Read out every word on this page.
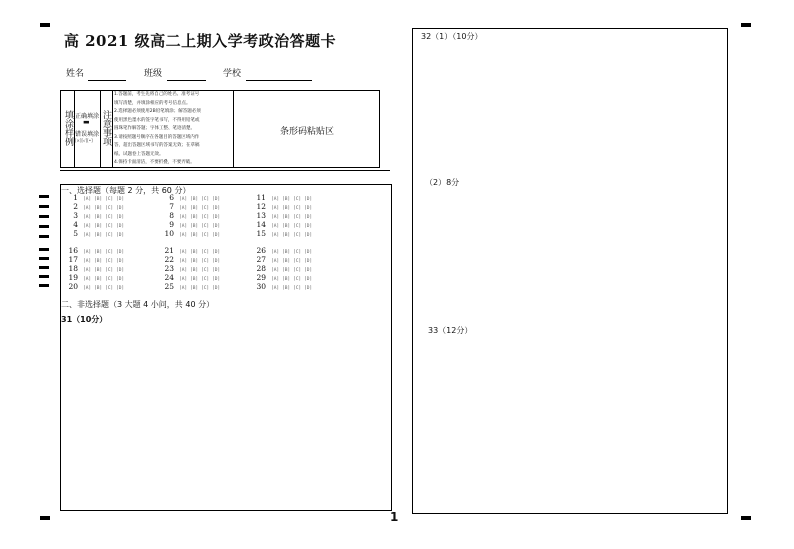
高 2021 级高二上期入学考政治答题卡
姓名	班级	学校
填涂样例 正确填涂
▬
错误填涂
[×][√][•] 注意事项
1.答题前，考生先将自己的姓名、准考证号
填写清楚，并填涂相应的考号信息点。
2.选择题必须使用2B铅笔填涂；解答题必须
使用黑色墨水的签字笔书写，不得用铅笔或
圆珠笔作解答题；字体工整、笔迹清楚。
3.请按照题号顺序在各题目的答题区域内作
答，超出答题区域书写的答案无效；在草稿
纸、试题卷上答题无效。
4.保持卡面清洁，不要折叠，不要弄破。
条形码粘贴区
一、选择题（每题 2 分，共 60 分）
1 [A] [B] [C] [D]
2 [A] [B] [C] [D]
3 [A] [B] [C] [D]
4 [A] [B] [C] [D]
5 [A] [B] [C] [D]
6 [A] [B] [C] [D]
7 [A] [B] [C] [D]
8 [A] [B] [C] [D]
9 [A] [B] [C] [D]
10 [A] [B] [C] [D]
11 [A] [B] [C] [D]
12 [A] [B] [C] [D]
13 [A] [B] [C] [D]
14 [A] [B] [C] [D]
15 [A] [B] [C] [D]
16 [A] [B] [C] [D]
17 [A] [B] [C] [D]
18 [A] [B] [C] [D]
19 [A] [B] [C] [D]
20 [A] [B] [C] [D]
21 [A] [B] [C] [D]
22 [A] [B] [C] [D]
23 [A] [B] [C] [D]
24 [A] [B] [C] [D]
25 [A] [B] [C] [D]
26 [A] [B] [C] [D]
27 [A] [B] [C] [D]
28 [A] [B] [C] [D]
29 [A] [B] [C] [D]
30 [A] [B] [C] [D]
二、非选择题（3 大题 4 小问，共 40 分）
31（10分）
1
32（1）（10分）
（2）8分
33（12分）
